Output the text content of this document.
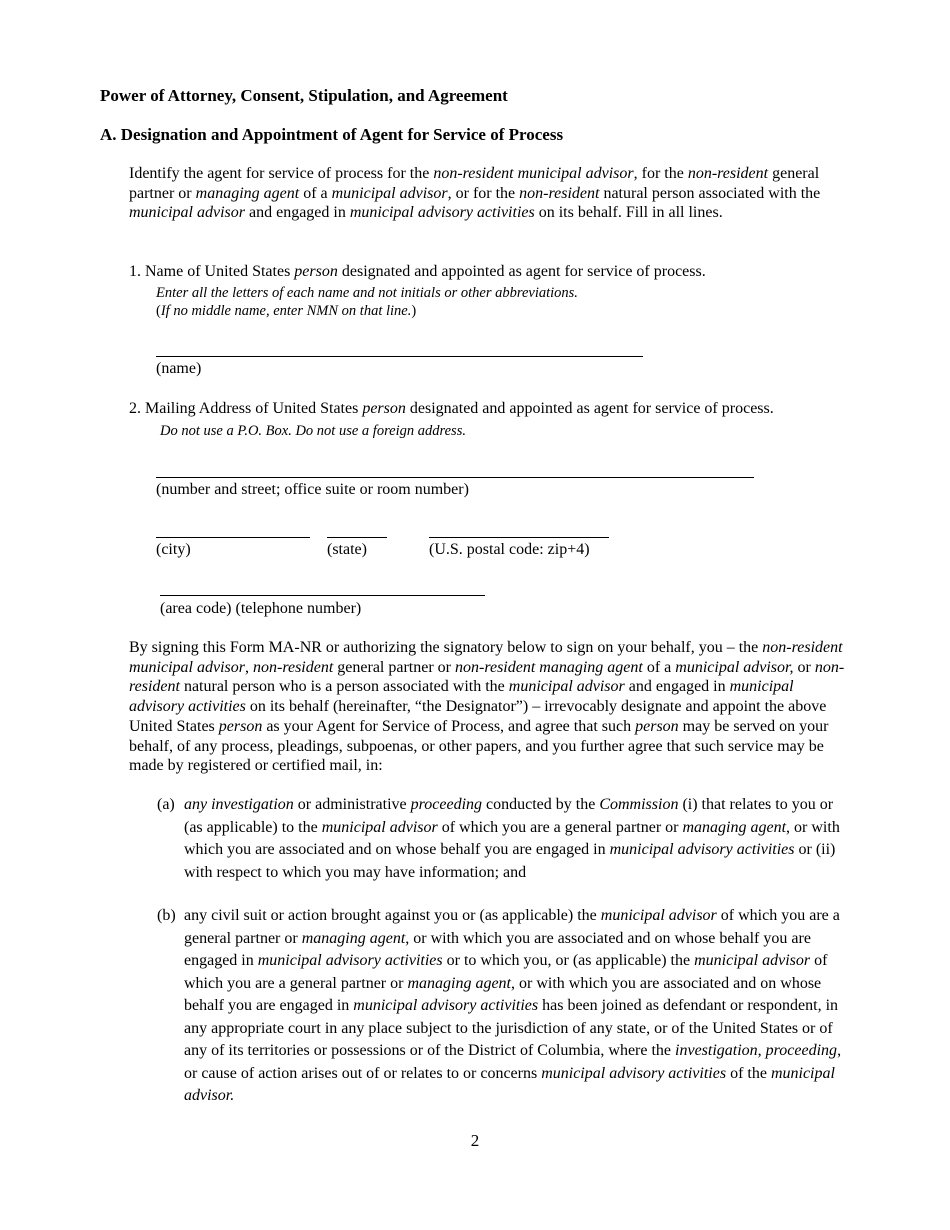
Power of Attorney, Consent, Stipulation, and Agreement
A. Designation and Appointment of Agent for Service of Process
Identify the agent for service of process for the non-resident municipal advisor, for the non-resident general partner or managing agent of a municipal advisor, or for the non-resident natural person associated with the municipal advisor and engaged in municipal advisory activities on its behalf. Fill in all lines.
1. Name of United States person designated and appointed as agent for service of process.
Enter all the letters of each name and not initials or other abbreviations.
(If no middle name, enter NMN on that line.)
(name)
2. Mailing Address of United States person designated and appointed as agent for service of process.
Do not use a P.O. Box. Do not use a foreign address.
(number and street; office suite or room number)
(city)	(state)	(U.S. postal code: zip+4)
(area code) (telephone number)
By signing this Form MA-NR or authorizing the signatory below to sign on your behalf, you – the non-resident municipal advisor, non-resident general partner or non-resident managing agent of a municipal advisor, or non-resident natural person who is a person associated with the municipal advisor and engaged in municipal advisory activities on its behalf (hereinafter, “the Designator”) – irrevocably designate and appoint the above United States person as your Agent for Service of Process, and agree that such person may be served on your behalf, of any process, pleadings, subpoenas, or other papers, and you further agree that such service may be made by registered or certified mail, in:
(a) any investigation or administrative proceeding conducted by the Commission (i) that relates to you or (as applicable) to the municipal advisor of which you are a general partner or managing agent, or with which you are associated and on whose behalf you are engaged in municipal advisory activities or (ii) with respect to which you may have information; and
(b) any civil suit or action brought against you or (as applicable) the municipal advisor of which you are a general partner or managing agent, or with which you are associated and on whose behalf you are engaged in municipal advisory activities or to which you, or (as applicable) the municipal advisor of which you are a general partner or managing agent, or with which you are associated and on whose behalf you are engaged in municipal advisory activities has been joined as defendant or respondent, in any appropriate court in any place subject to the jurisdiction of any state, or of the United States or of any of its territories or possessions or of the District of Columbia, where the investigation, proceeding, or cause of action arises out of or relates to or concerns municipal advisory activities of the municipal advisor.
2
